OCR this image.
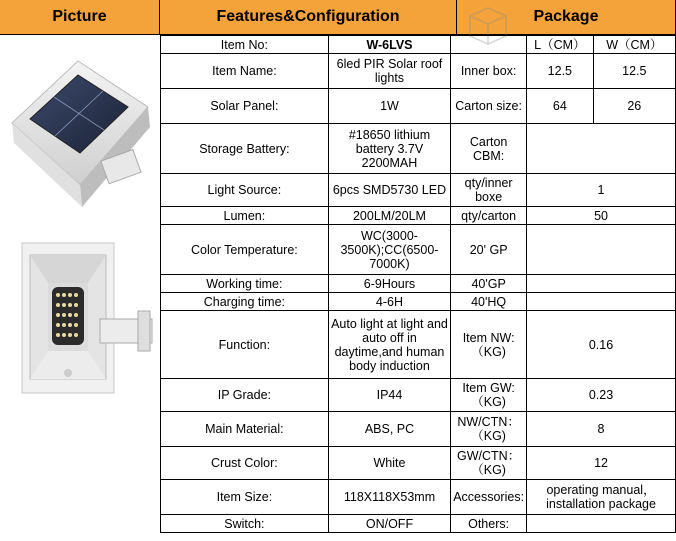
Picture	Features&Configuration	Package
Item No:	W-6LVS		L（CM）	W（CM）
Item Name:	6led PIR Solar roof lights	Inner box:	12.5	12.5
Solar Panel:	1W	Carton size:	64	26
Storage Battery:	#18650 lithium battery 3.7V 2200MAH	Carton CBM:		
Light Source:	6pcs SMD5730 LED	qty/inner boxe	1	
Lumen:	200LM/20LM	qty/carton	50	
Color Temperature:	WC(3000-3500K);CC(6500-7000K)	20' GP		
Working time:	6-9Hours	40'GP		
Charging time:	4-6H	40'HQ		
Function:	Auto light at light and auto off in daytime,and human body induction	Item NW:（KG)	0.16	
IP Grade:	IP44	Item GW:（KG)	0.23	
Main Material:	ABS, PC	NW/CTN：（KG)	8	
Crust Color:	White	GW/CTN：（KG)	12	
Item Size:	118X118X53mm	Accessories:	operating manual，installation package	
Switch:	ON/OFF	Others:		
